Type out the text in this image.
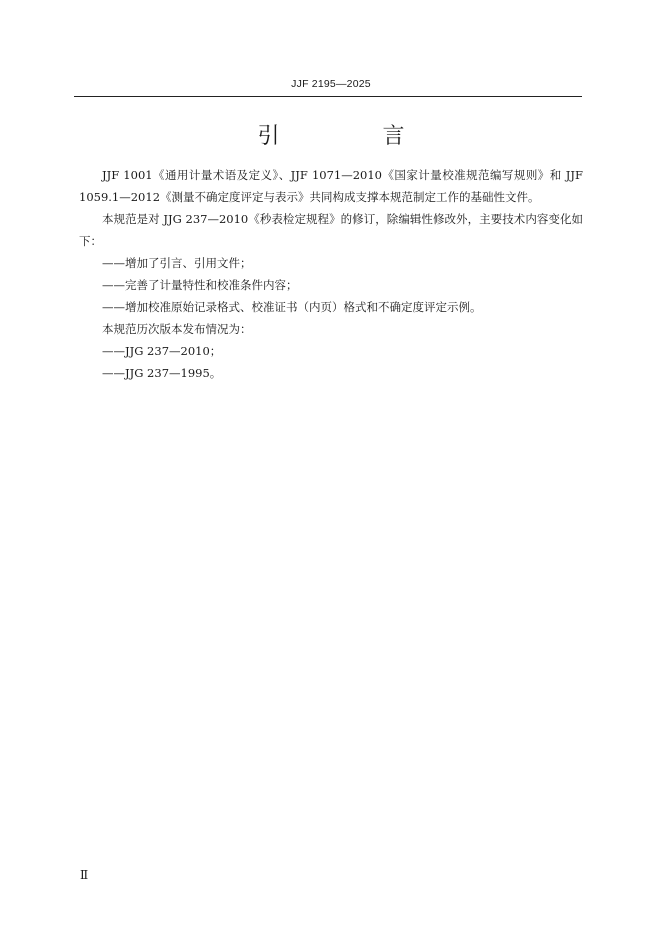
JJF 2195—2025
引 言

JJF 1001《通用计量术语及定义》、JJF 1071—2010《国家计量校准规范编写规则》和 JJF 1059.1—2012《测量不确定度评定与表示》共同构成支撑本规范制定工作的基础性文件。

本规范是对 JJG 237—2010《秒表检定规程》的修订，除编辑性修改外，主要技术内容变化如下：

——增加了引言、引用文件；

——完善了计量特性和校准条件内容；

——增加校准原始记录格式、校准证书（内页）格式和不确定度评定示例。

本规范历次版本发布情况为：

——JJG 237—2010；

——JJG 237—1995。

Ⅱ
